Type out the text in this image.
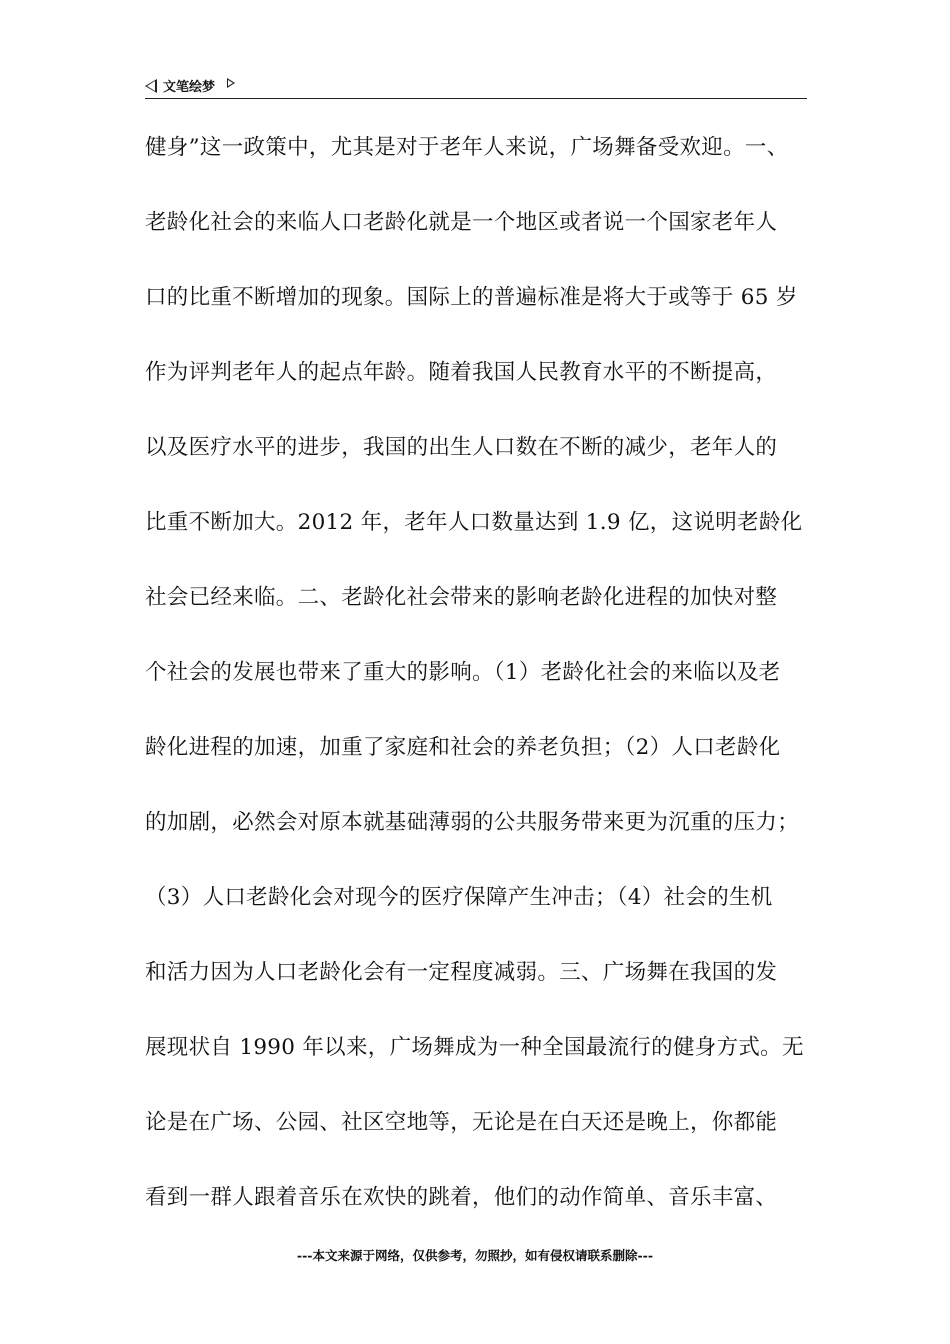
文笔绘梦
健身”这一政策中，尤其是对于老年人来说，广场舞备受欢迎。一、
老龄化社会的来临人口老龄化就是一个地区或者说一个国家老年人
口的比重不断增加的现象。国际上的普遍标准是将大于或等于 65 岁
作为评判老年人的起点年龄。随着我国人民教育水平的不断提高，
以及医疗水平的进步，我国的出生人口数在不断的减少，老年人的
比重不断加大。2012 年，老年人口数量达到 1.9 亿，这说明老龄化
社会已经来临。二、老龄化社会带来的影响老龄化进程的加快对整
个社会的发展也带来了重大的影响。（1）老龄化社会的来临以及老
龄化进程的加速，加重了家庭和社会的养老负担；（2）人口老龄化
的加剧，必然会对原本就基础薄弱的公共服务带来更为沉重的压力；
（3）人口老龄化会对现今的医疗保障产生冲击；（4）社会的生机
和活力因为人口老龄化会有一定程度减弱。三、广场舞在我国的发
展现状自 1990 年以来，广场舞成为一种全国最流行的健身方式。无
论是在广场、公园、社区空地等，无论是在白天还是晚上，你都能
看到一群人跟着音乐在欢快的跳着，他们的动作简单、音乐丰富、
---本文来源于网络，仅供参考，勿照抄，如有侵权请联系删除---
